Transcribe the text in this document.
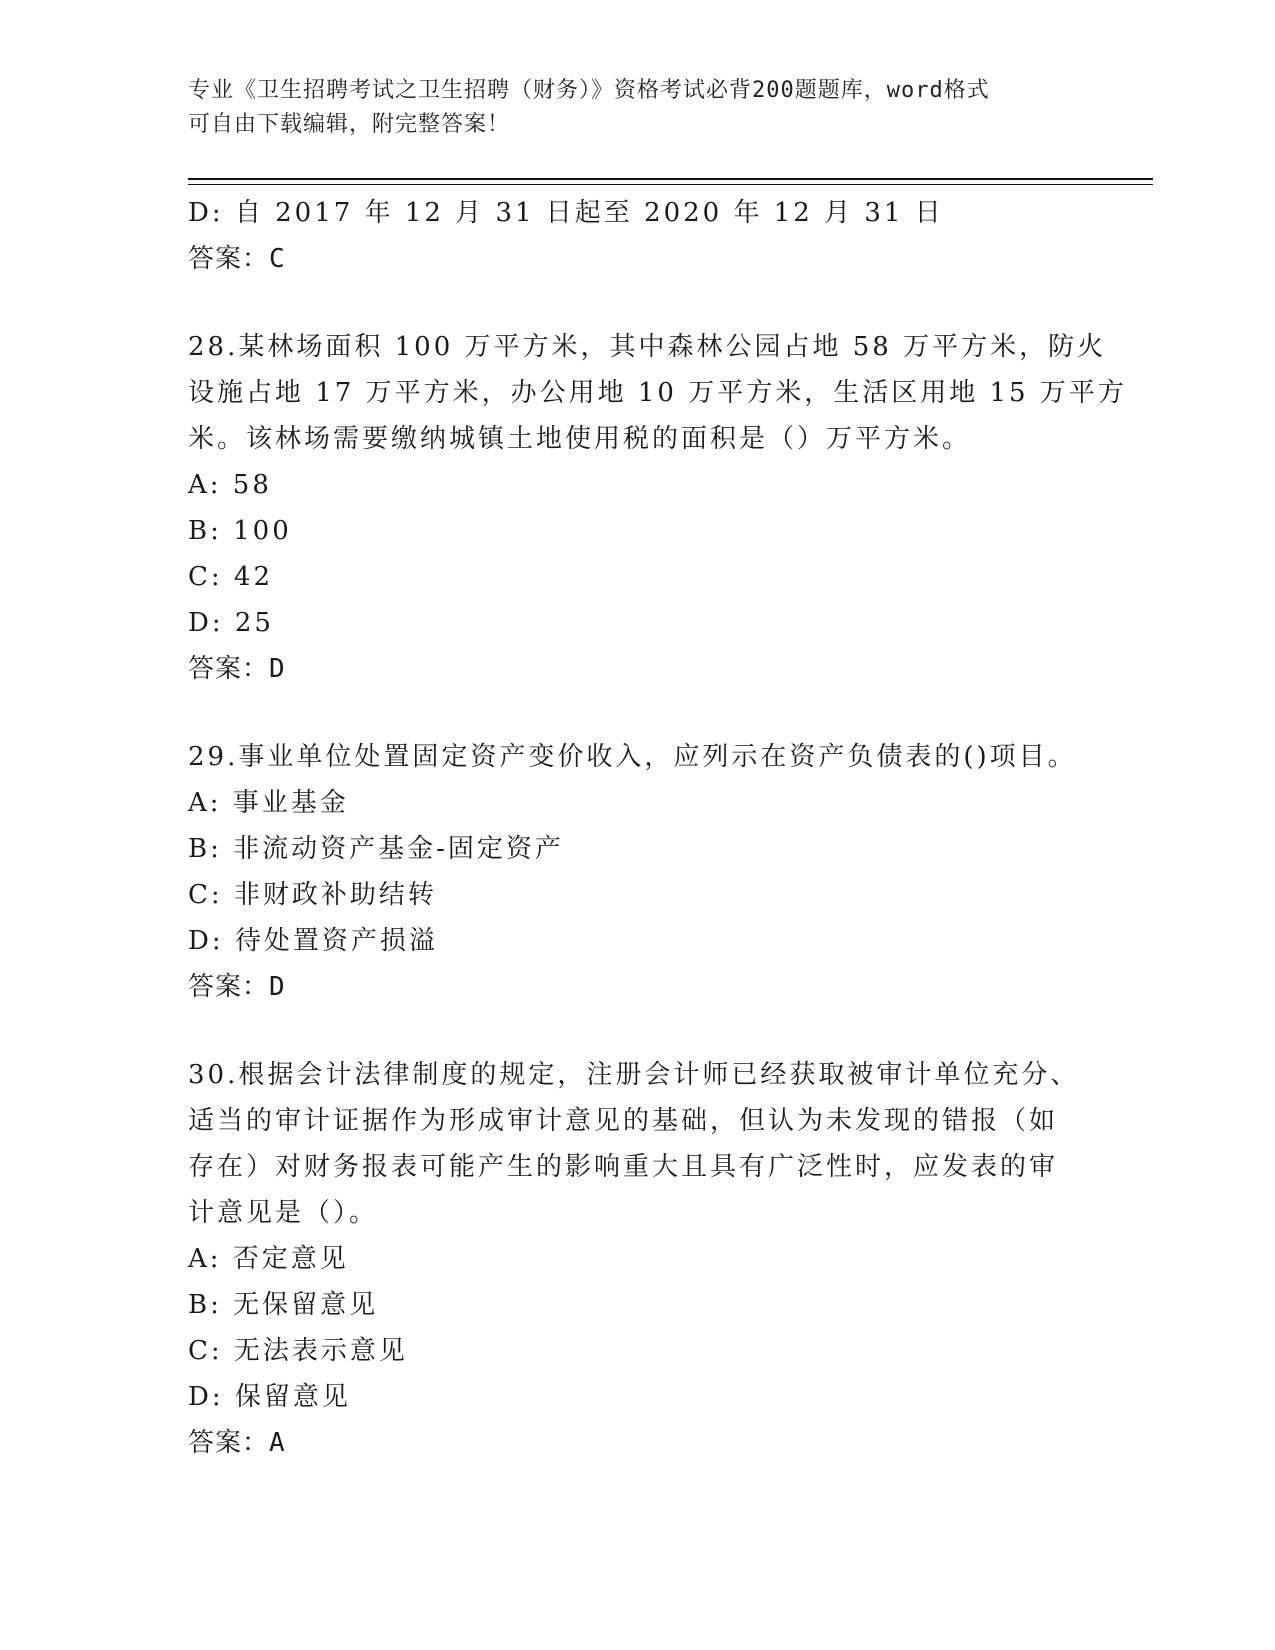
专业《卫生招聘考试之卫生招聘（财务）》资格考试必背200题题库，word格式
可自由下载编辑，附完整答案！
D: 自 2017 年 12 月 31 日起至 2020 年 12 月 31 日
答案：C
28.某林场面积 100 万平方米，其中森林公园占地 58 万平方米，防火
设施占地 17 万平方米，办公用地 10 万平方米，生活区用地 15 万平方
米。该林场需要缴纳城镇土地使用税的面积是（）万平方米。
A: 58
B: 100
C: 42
D: 25
答案：D
29.事业单位处置固定资产变价收入，应列示在资产负债表的()项目。
A: 事业基金
B: 非流动资产基金-固定资产
C: 非财政补助结转
D: 待处置资产损溢
答案：D
30.根据会计法律制度的规定，注册会计师已经获取被审计单位充分、
适当的审计证据作为形成审计意见的基础，但认为未发现的错报（如
存在）对财务报表可能产生的影响重大且具有广泛性时，应发表的审
计意见是（）。
A: 否定意见
B: 无保留意见
C: 无法表示意见
D: 保留意见
答案：A
